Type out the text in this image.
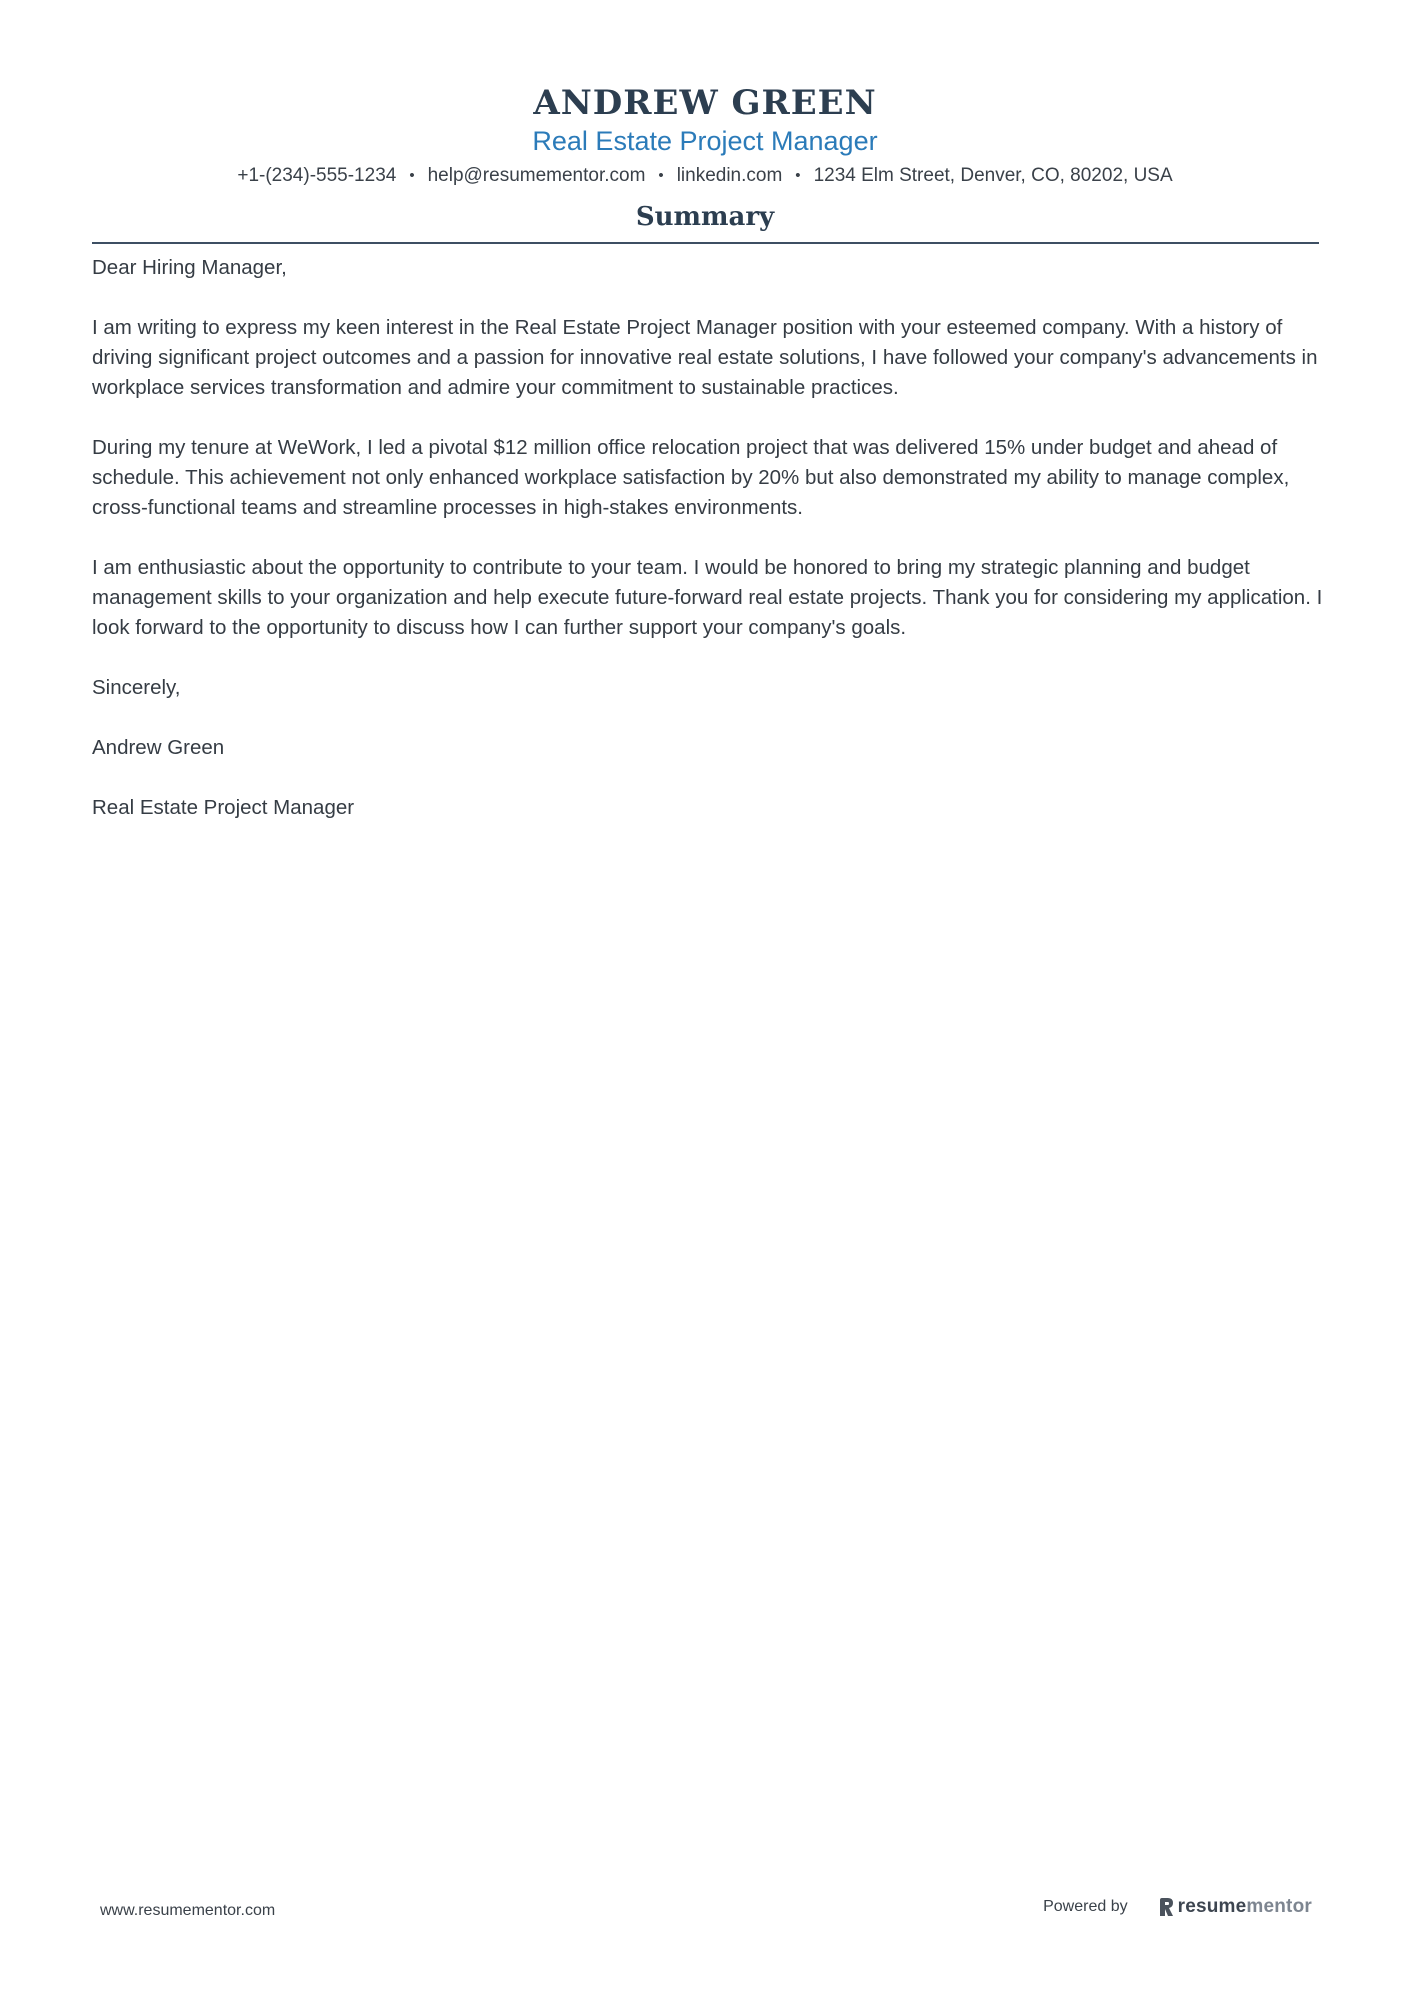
ANDREW GREEN
Real Estate Project Manager
+1-(234)-555-1234 • help@resumementor.com • linkedin.com • 1234 Elm Street, Denver, CO, 80202, USA
Summary

Dear Hiring Manager,

I am writing to express my keen interest in the Real Estate Project Manager position with your esteemed company. With a history of driving significant project outcomes and a passion for innovative real estate solutions, I have followed your company's advancements in workplace services transformation and admire your commitment to sustainable practices.

During my tenure at WeWork, I led a pivotal $12 million office relocation project that was delivered 15% under budget and ahead of schedule. This achievement not only enhanced workplace satisfaction by 20% but also demonstrated my ability to manage complex, cross-functional teams and streamline processes in high-stakes environments.

I am enthusiastic about the opportunity to contribute to your team. I would be honored to bring my strategic planning and budget management skills to your organization and help execute future-forward real estate projects. Thank you for considering my application. I look forward to the opportunity to discuss how I can further support your company's goals.

Sincerely,

Andrew Green

Real Estate Project Manager

www.resumementor.com	Powered by	resume mentor
